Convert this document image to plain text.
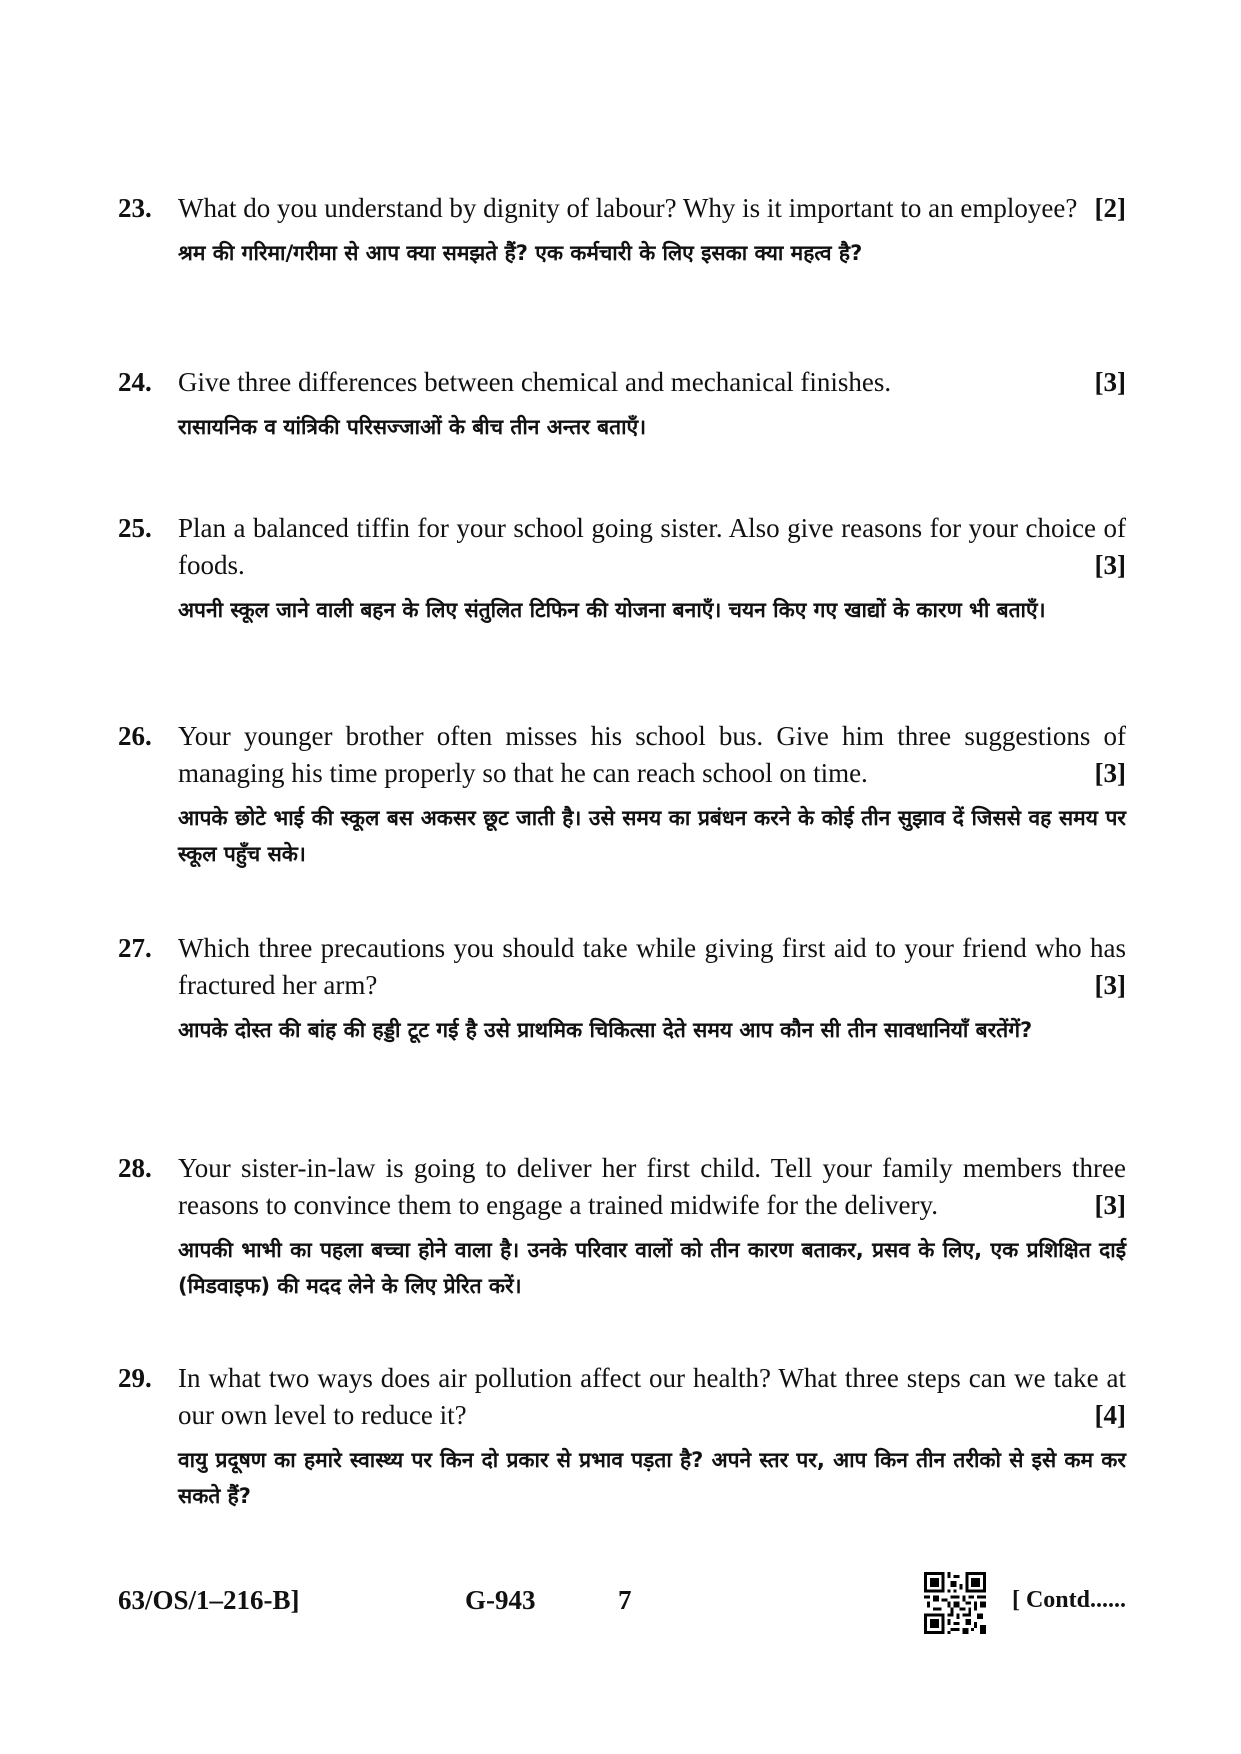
23. What do you understand by dignity of labour? Why is it important to an employee? [2]
श्रम की गरिमा/गरीमा से आप क्या समझते हैं? एक कर्मचारी के लिए इसका क्या महत्व है?
24. Give three differences between chemical and mechanical finishes.	[3]
रासायनिक व यांत्रिकी परिसज्जाओं के बीच तीन अन्तर बताएँ।
25. Plan a balanced tiffin for your school going sister. Also give reasons for your choice of foods.	[3]
अपनी स्कूल जाने वाली बहन के लिए संतुलित टिफिन की योजना बनाएँ। चयन किए गए खाद्यों के कारण भी बताएँ।
26. Your younger brother often misses his school bus. Give him three suggestions of managing his time properly so that he can reach school on time.	[3]
आपके छोटे भाई की स्कूल बस अकसर छूट जाती है। उसे समय का प्रबंधन करने के कोई तीन सुझाव दें जिससे वह समय पर स्कूल पहुँच सके।
27. Which three precautions you should take while giving first aid to your friend who has fractured her arm?	[3]
आपके दोस्त की बांह की हड्डी टूट गई है उसे प्राथमिक चिकित्सा देते समय आप कौन सी तीन सावधानियाँ बरतेंगें?
28. Your sister-in-law is going to deliver her first child. Tell your family members three reasons to convince them to engage a trained midwife for the delivery.	[3]
आपकी भाभी का पहला बच्चा होने वाला है। उनके परिवार वालों को तीन कारण बताकर, प्रसव के लिए, एक प्रशिक्षित दाई (मिडवाइफ) की मदद लेने के लिए प्रेरित करें।
29. In what two ways does air pollution affect our health? What three steps can we take at our own level to reduce it?	[4]
वायु प्रदूषण का हमारे स्वास्थ्य पर किन दो प्रकार से प्रभाव पड़ता है? अपने स्तर पर, आप किन तीन तरीको से इसे कम कर सकते हैं?
63/OS/1–216-B]	G-943	7	[ Contd......
